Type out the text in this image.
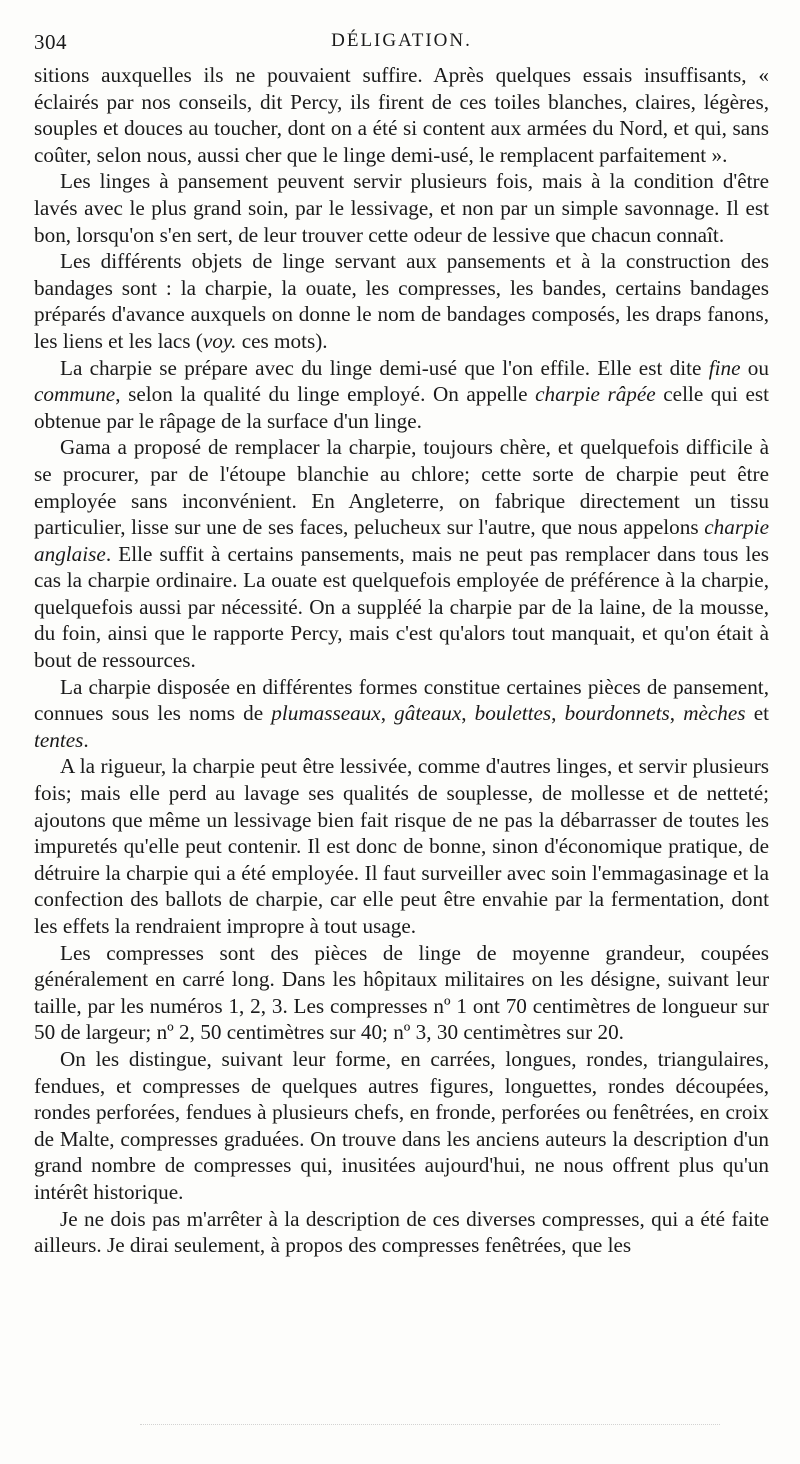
304	DÉLIGATION.

sitions auxquelles ils ne pouvaient suffire. Après quelques essais insuffisants, « éclairés par nos conseils, dit Percy, ils firent de ces toiles blanches, claires, légères, souples et douces au toucher, dont on a été si content aux armées du Nord, et qui, sans coûter, selon nous, aussi cher que le linge demi-usé, le remplacent parfaitement ».

Les linges à pansement peuvent servir plusieurs fois, mais à la condition d'être lavés avec le plus grand soin, par le lessivage, et non par un simple savonnage. Il est bon, lorsqu'on s'en sert, de leur trouver cette odeur de lessive que chacun connaît.

Les différents objets de linge servant aux pansements et à la construction des bandages sont : la charpie, la ouate, les compresses, les bandes, certains bandages préparés d'avance auxquels on donne le nom de bandages composés, les draps fanons, les liens et les lacs (voy. ces mots).

La charpie se prépare avec du linge demi-usé que l'on effile. Elle est dite fine ou commune, selon la qualité du linge employé. On appelle charpie râpée celle qui est obtenue par le râpage de la surface d'un linge.

Gama a proposé de remplacer la charpie, toujours chère, et quelquefois difficile à se procurer, par de l'étoupe blanchie au chlore; cette sorte de charpie peut être employée sans inconvénient. En Angleterre, on fabrique directement un tissu particulier, lisse sur une de ses faces, pelucheux sur l'autre, que nous appelons charpie anglaise. Elle suffit à certains pansements, mais ne peut pas remplacer dans tous les cas la charpie ordinaire. La ouate est quelquefois employée de préférence à la charpie, quelquefois aussi par nécessité. On a suppléé la charpie par de la laine, de la mousse, du foin, ainsi que le rapporte Percy, mais c'est qu'alors tout manquait, et qu'on était à bout de ressources.

La charpie disposée en différentes formes constitue certaines pièces de pansement, connues sous les noms de plumasseaux, gâteaux, boulettes, bourdonnets, mèches et tentes.

A la rigueur, la charpie peut être lessivée, comme d'autres linges, et servir plusieurs fois; mais elle perd au lavage ses qualités de souplesse, de mollesse et de netteté; ajoutons que même un lessivage bien fait risque de ne pas la débarrasser de toutes les impuretés qu'elle peut contenir. Il est donc de bonne, sinon d'économique pratique, de détruire la charpie qui a été employée. Il faut surveiller avec soin l'emmagasinage et la confection des ballots de charpie, car elle peut être envahie par la fermentation, dont les effets la rendraient impropre à tout usage.

Les compresses sont des pièces de linge de moyenne grandeur, coupées généralement en carré long. Dans les hôpitaux militaires on les désigne, suivant leur taille, par les numéros 1, 2, 3. Les compresses nº 1 ont 70 centimètres de longueur sur 50 de largeur; nº 2, 50 centimètres sur 40; nº 3, 30 centimètres sur 20.

On les distingue, suivant leur forme, en carrées, longues, rondes, triangulaires, fendues, et compresses de quelques autres figures, longuettes, rondes découpées, rondes perforées, fendues à plusieurs chefs, en fronde, perforées ou fenêtrées, en croix de Malte, compresses graduées. On trouve dans les anciens auteurs la description d'un grand nombre de compresses qui, inusitées aujourd'hui, ne nous offrent plus qu'un intérêt historique.

Je ne dois pas m'arrêter à la description de ces diverses compresses, qui a été faite ailleurs. Je dirai seulement, à propos des compresses fenêtrées, que les
